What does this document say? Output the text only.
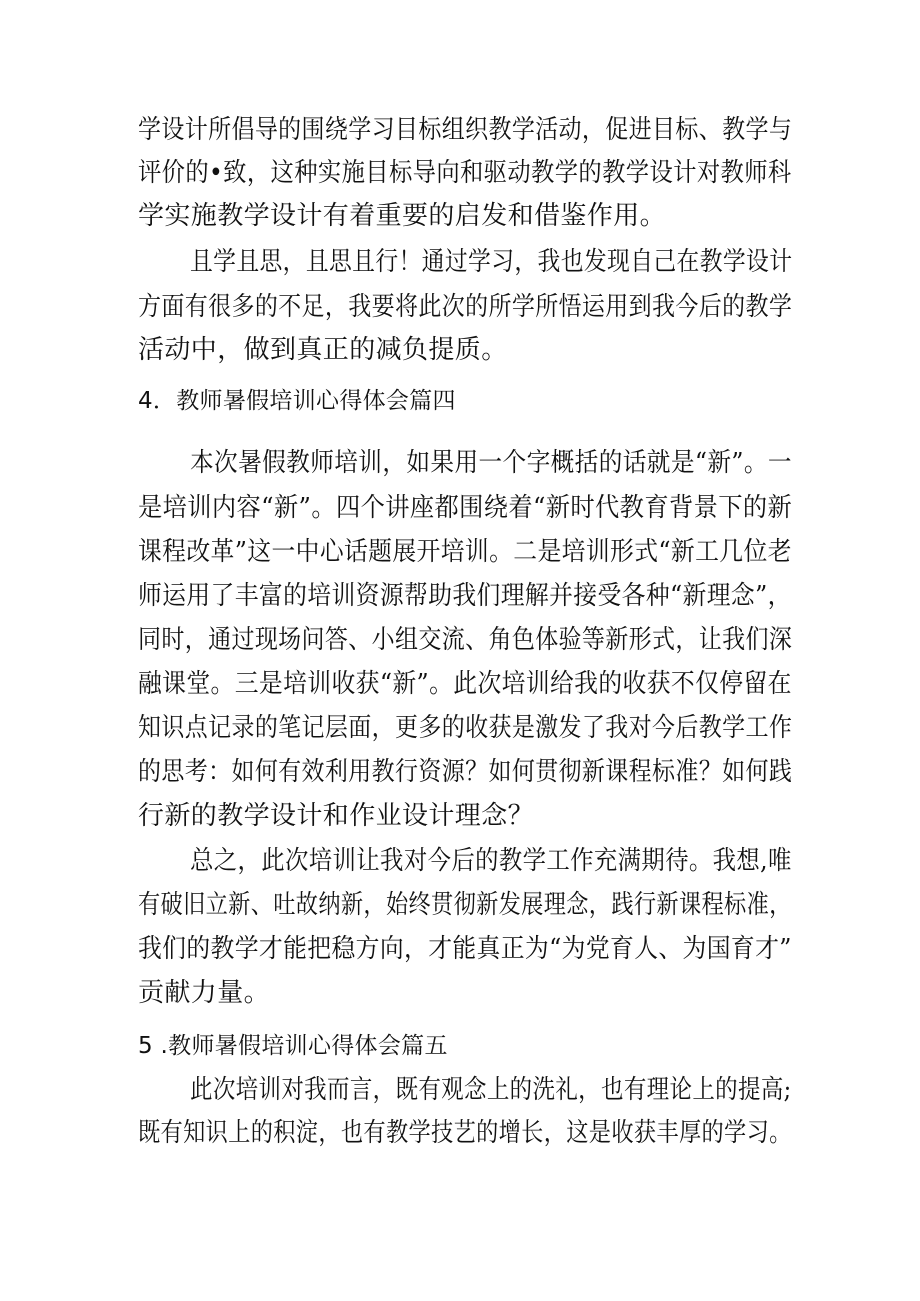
学设计所倡导的围绕学习目标组织教学活动，促进目标、教学与
评价的•致，这种实施目标导向和驱动教学的教学设计对教师科
学实施教学设计有着重要的启发和借鉴作用。
且学且思，且思且行！通过学习，我也发现自己在教学设计
方面有很多的不足，我要将此次的所学所悟运用到我今后的教学
活动中，做到真正的减负提质。
4．教师暑假培训心得体会篇四
本次暑假教师培训，如果用一个字概括的话就是“新”。一
是培训内容“新”。四个讲座都围绕着“新时代教育背景下的新
课程改革”这一中心话题展开培训。二是培训形式“新工几位老
师运用了丰富的培训资源帮助我们理解并接受各种“新理念”，
同时，通过现场问答、小组交流、角色体验等新形式，让我们深
融课堂。三是培训收获“新”。此次培训给我的收获不仅停留在
知识点记录的笔记层面，更多的收获是激发了我对今后教学工作
的思考：如何有效利用教行资源？如何贯彻新课程标准？如何践
行新的教学设计和作业设计理念？
总之，此次培训让我对今后的教学工作充满期待。我想,唯
有破旧立新、吐故纳新，始终贯彻新发展理念，践行新课程标准，
我们的教学才能把稳方向，才能真正为“为党育人、为国育才”
贡献力量。
5 .教师暑假培训心得体会篇五
此次培训对我而言，既有观念上的洗礼，也有理论上的提高;
既有知识上的积淀，也有教学技艺的增长，这是收获丰厚的学习。
